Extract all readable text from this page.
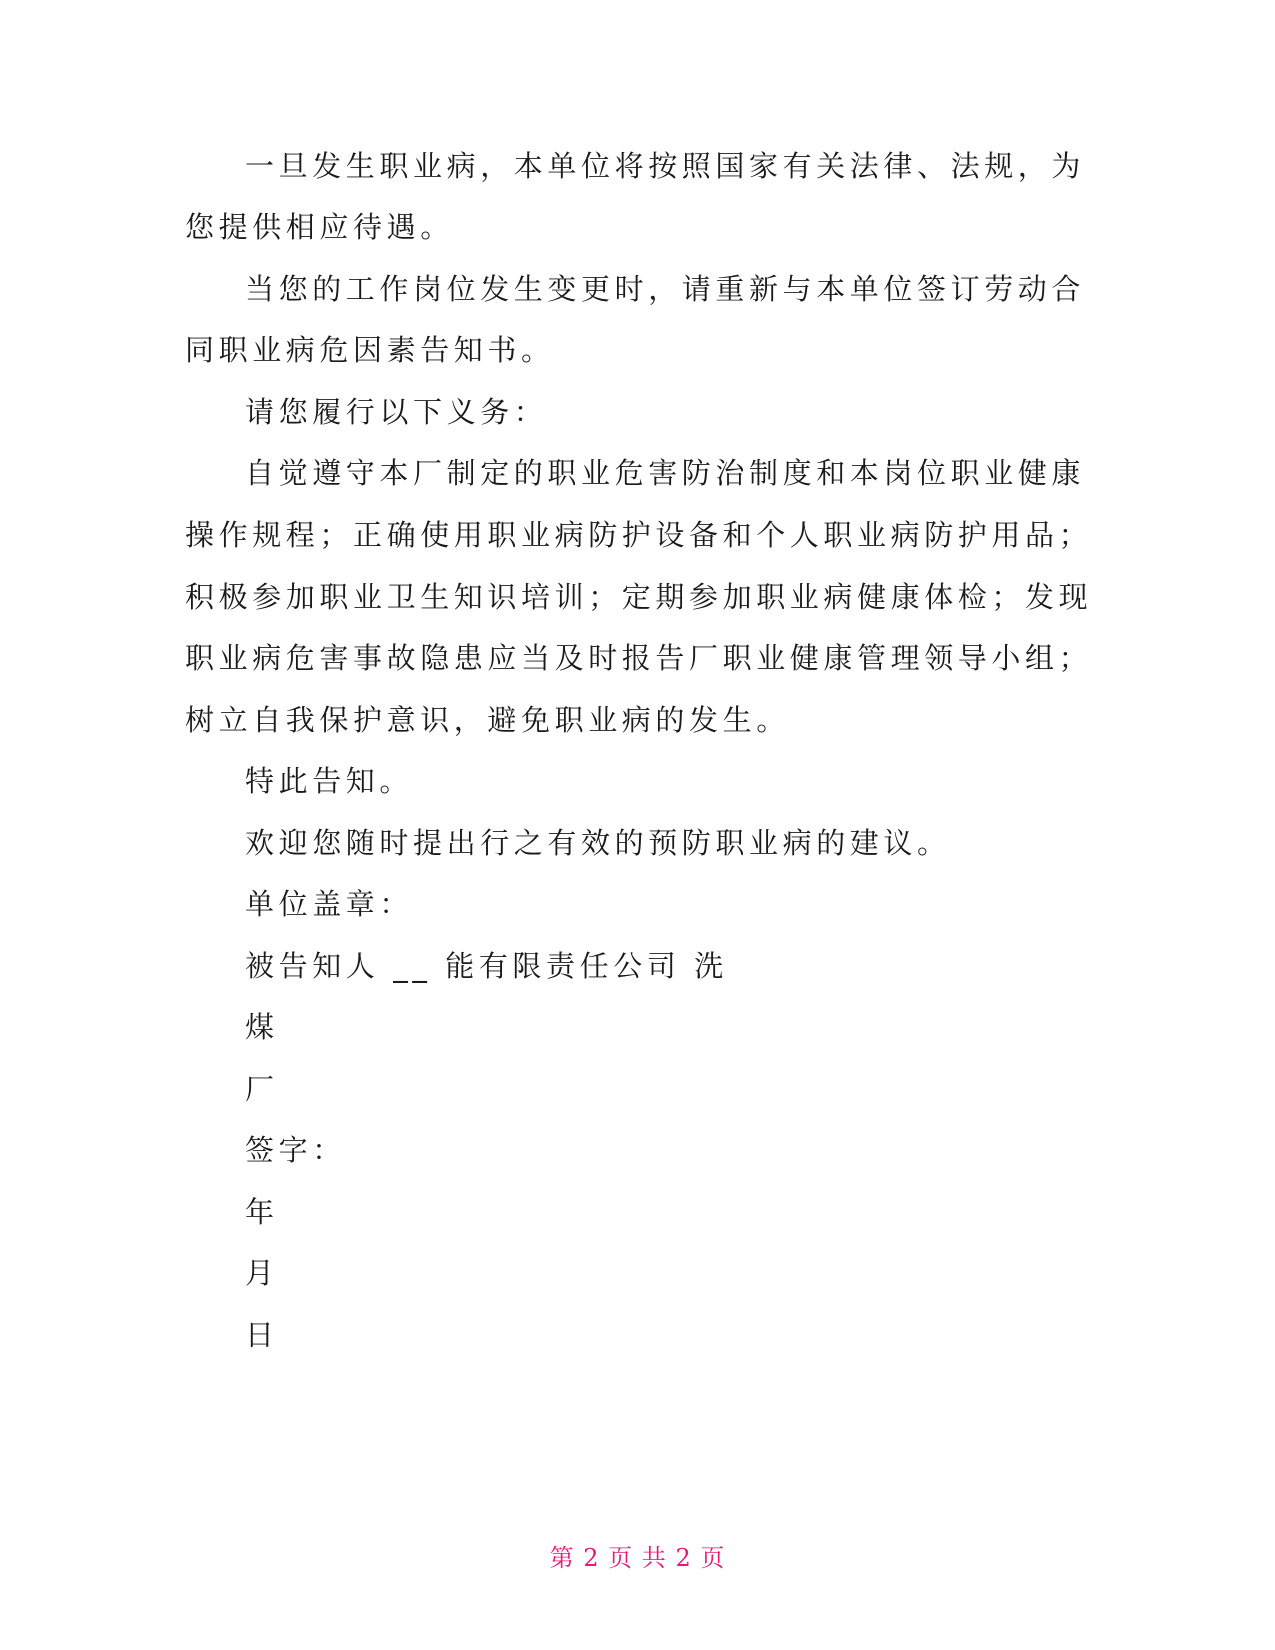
一旦发生职业病，本单位将按照国家有关法律、法规，为
您提供相应待遇。
当您的工作岗位发生变更时，请重新与本单位签订劳动合
同职业病危因素告知书。
请您履行以下义务：
自觉遵守本厂制定的职业危害防治制度和本岗位职业健康
操作规程；正确使用职业病防护设备和个人职业病防护用品；
积极参加职业卫生知识培训；定期参加职业病健康体检；发现
职业病危害事故隐患应当及时报告厂职业健康管理领导小组；
树立自我保护意识，避免职业病的发生。
特此告知。
欢迎您随时提出行之有效的预防职业病的建议。
单位盖章：
被告知人 __ 能有限责任公司 洗
煤
厂
签字：
年
月
日
第 2 页 共 2 页
